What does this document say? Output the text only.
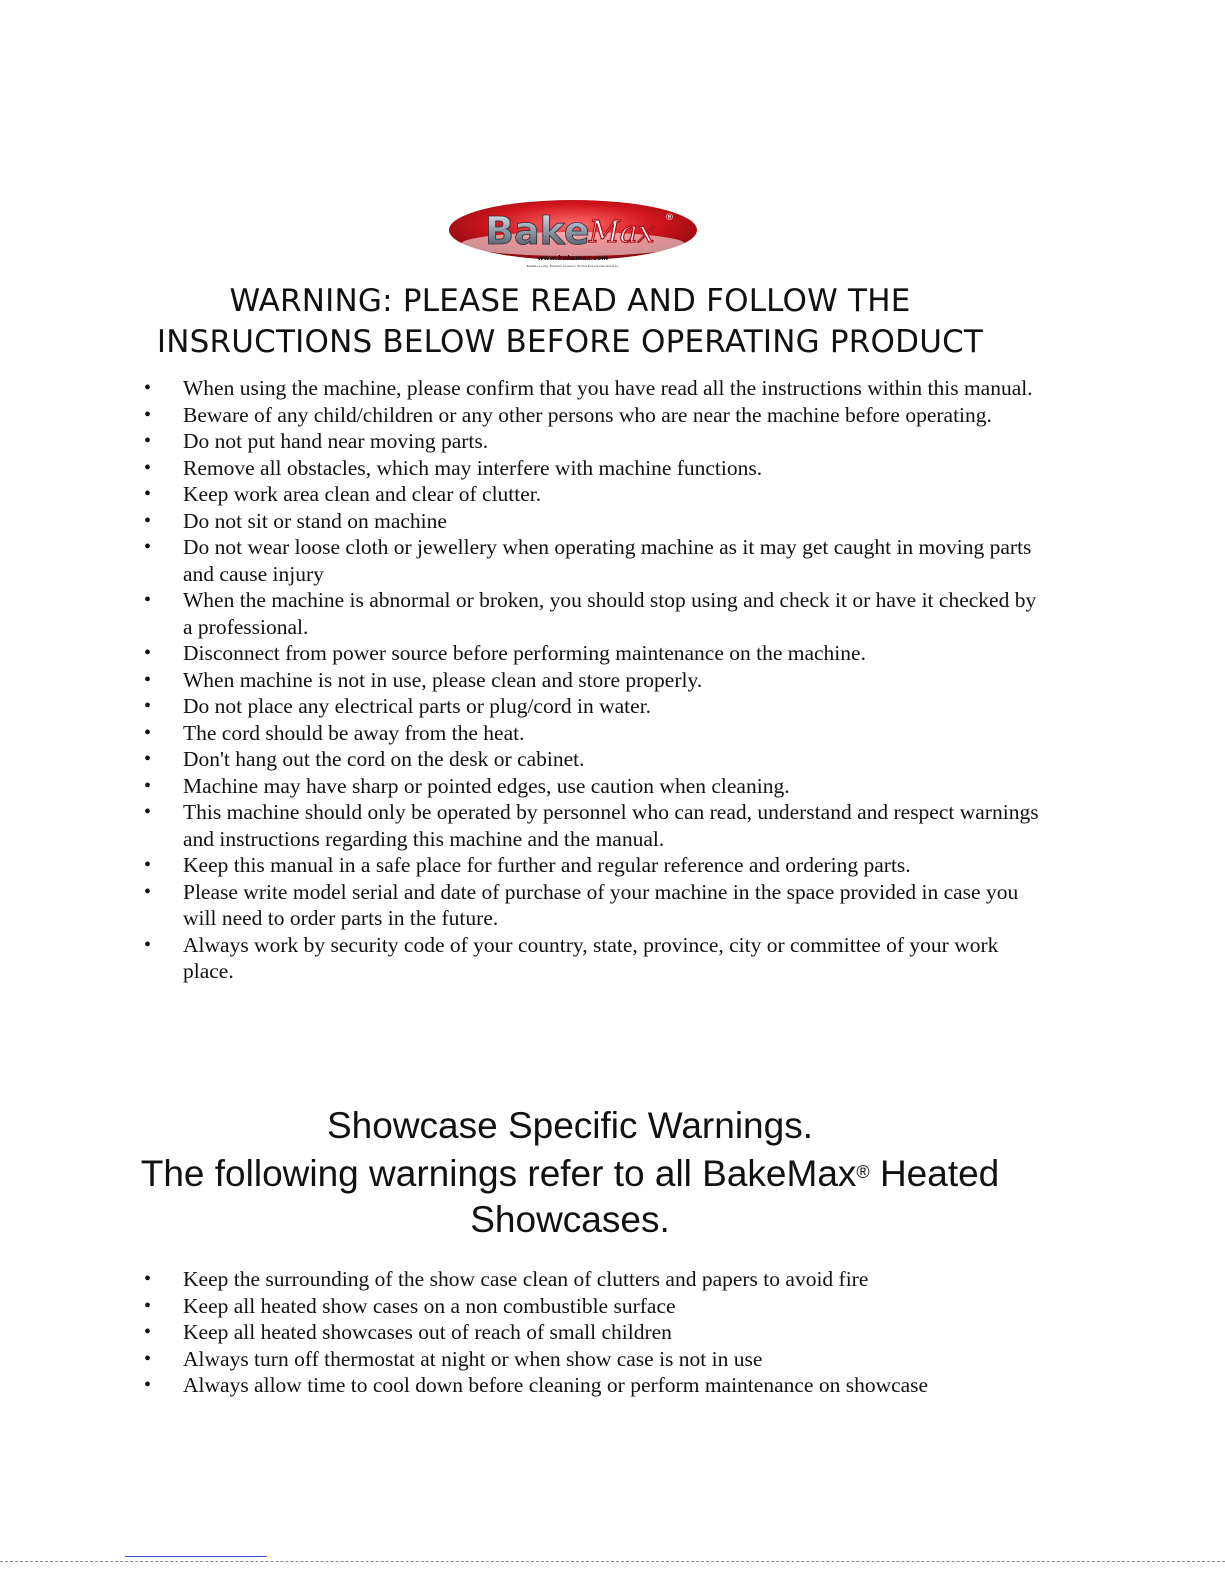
Bake Max ®
www.bakemax.com
BakeMax is a Reg. Trademark licensed to TCG Fine Products International Inc.
WARNING: PLEASE READ AND FOLLOW THE
INSRUCTIONS BELOW BEFORE OPERATING PRODUCT
• When using the machine, please confirm that you have read all the instructions within this manual.
• Beware of any child/children or any other persons who are near the machine before operating.
• Do not put hand near moving parts.
• Remove all obstacles, which may interfere with machine functions.
• Keep work area clean and clear of clutter.
• Do not sit or stand on machine
• Do not wear loose cloth or jewellery when operating machine as it may get caught in moving parts and cause injury
• When the machine is abnormal or broken, you should stop using and check it or have it checked by a professional.
• Disconnect from power source before performing maintenance on the machine.
• When machine is not in use, please clean and store properly.
• Do not place any electrical parts or plug/cord in water.
• The cord should be away from the heat.
• Don't hang out the cord on the desk or cabinet.
• Machine may have sharp or pointed edges, use caution when cleaning.
• This machine should only be operated by personnel who can read, understand and respect warnings and instructions regarding this machine and the manual.
• Keep this manual in a safe place for further and regular reference and ordering parts.
• Please write model serial and date of purchase of your machine in the space provided in case you will need to order parts in the future.
• Always work by security code of your country, state, province, city or committee of your work place.
Showcase Specific Warnings.
The following warnings refer to all BakeMax® Heated
Showcases.
• Keep the surrounding of the show case clean of clutters and papers to avoid fire
• Keep all heated show cases on a non combustible surface
• Keep all heated showcases out of reach of small children
• Always turn off thermostat at night or when show case is not in use
• Always allow time to cool down before cleaning or perform maintenance on showcase
